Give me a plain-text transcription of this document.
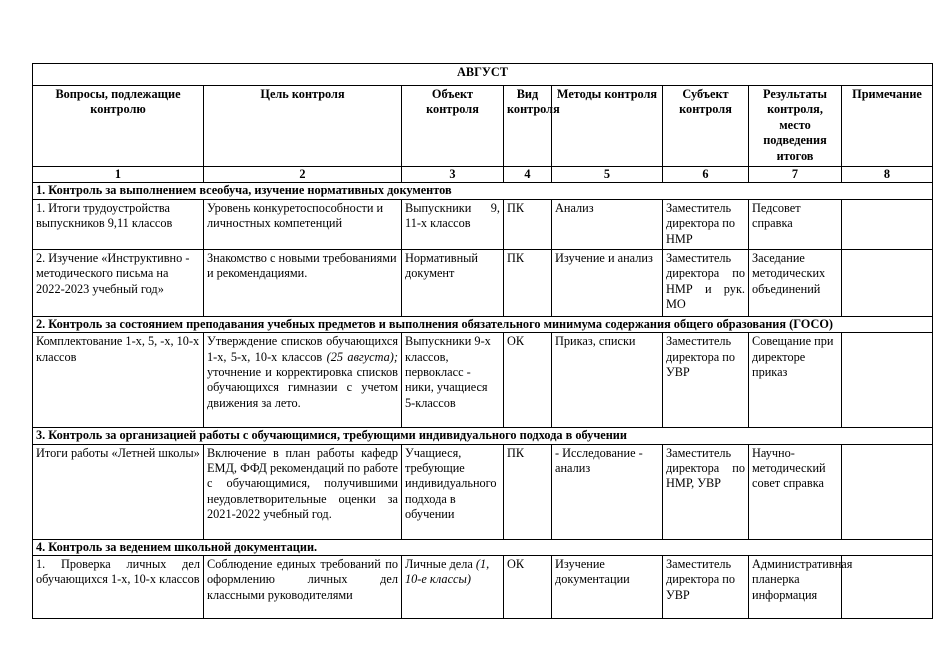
АВГУСТ							
Вопросы, подлежащие контролю	Цель контроля	Объект контроля	Вид контроля	Методы контроля	Субъект контроля	Результаты контроля, место подведения итогов	Примечание
1	2	3	4	5	6	7	8
1. Контроль за выполнением всеобуча, изучение нормативных документов							
1. Итоги трудоустройства выпускников 9,11 классов	Уровень конкуретоспособности и личностных компетенций	Выпускники 9, 11-х классов	ПК	Анализ	Заместитель директора по НМР	Педсовет справка	
2. Изучение «Инструктивно - методического письма на 2022-2023 учебный год»	Знакомство с новыми требованиями и рекомендациями.	Нормативный документ	ПК	Изучение и анализ	Заместитель директора по НМР и рук. МО	Заседание методических объединений	
2. Контроль за состоянием преподавания учебных предметов и выполнения обязательного минимума содержания общего образования (ГОСО)							
Комплектование 1-х, 5, -х, 10-х классов	Утверждение списков обучающихся 1-х, 5-х, 10-х классов (25 августа); уточнение и корректировка списков обучающихся гимназии с учетом движения за лето.	Выпускники 9-х классов, первокласс - ники, учащиеся 5-классов	ОК	Приказ, списки	Заместитель директора по УВР	Совещание при директоре приказ	
3. Контроль за организацией работы с обучающимися, требующими индивидуального подхода в обучении							
Итоги работы «Летней школы»	Включение в план работы кафедр ЕМД, ФФД рекомендаций по работе с обучающимися, получившими неудовлетворительные оценки за 2021-2022 учебный год.	Учащиеся, требующие индивидуального подхода в обучении	ПК	- Исследование - анализ	Заместитель директора по НМР, УВР	Научно-методический совет справка	
4. Контроль за ведением школьной документации.							
1. Проверка личных дел обучающихся 1-х, 10-х классов	Соблюдение единых требований по оформлению личных дел классными руководителями	Личные дела (1, 10-е классы)	ОК	Изучение документации	Заместитель директора по УВР	Административная планерка информация	
